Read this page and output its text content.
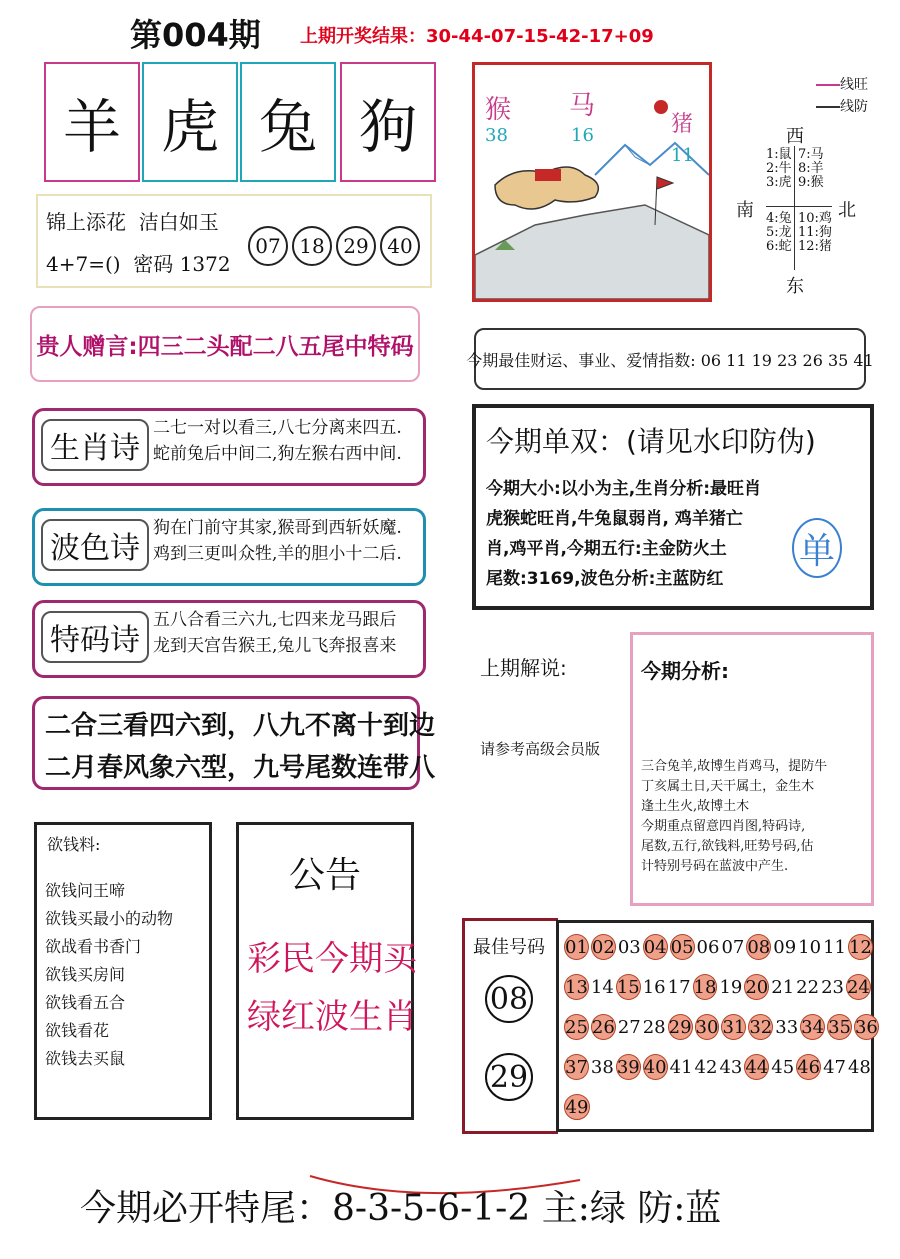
第004期 上期开奖结果：30-44-07-15-42-17+09
羊 虎 兔 狗
锦上添花  洁白如玉
4+7=()  密码 1372
07 18 29 40
贵人赠言:四三二头配二八五尾中特码
生肖诗
二七一对以看三,八七分离来四五.
蛇前兔后中间二,狗左猴右西中间.
波色诗
狗在门前守其家,猴哥到西斩妖魔.
鸡到三更叫众牲,羊的胆小十二后.
特码诗
五八合看三六九,七四来龙马跟后
龙到天宫告猴王,兔儿飞奔报喜来
二合三看四六到，八九不离十到边
二月春风象六型，九号尾数连带八
欲钱料:
欲钱问王啼
欲钱买最小的动物
欲战看书香门
欲钱买房间
欲钱看五合
欲钱看花
欲钱去买鼠
公告
彩民今期买
绿红波生肖
猴
38
马
16	猪
11
线旺
线防
西
南	北
东
1:鼠
2:牛
3:虎
7:马
8:羊
9:猴
4:兔
5:龙
6:蛇
10:鸡
11:狗
12:猪
今期最佳财运、事业、爱情指数: 06 11 19 23 26 35 41
今期单双：(请见水印防伪)
单
今期大小:以小为主,生肖分析:最旺肖
虎猴蛇旺肖,牛兔鼠弱肖, 鸡羊猪亡
肖,鸡平肖,今期五行:主金防火土
尾数:3169,波色分析:主蓝防红
上期解说:
请参考高级会员版
今期分析:
三合兔羊,故博生肖鸡马，提防牛
丁亥属土日,天干属土，金生木
逢土生火,故博土木
今期重点留意四肖图,特码诗,
尾数,五行,欲钱料,旺势号码,估
计特别号码在蓝波中产生.
最佳号码
08
29
01 02 03 04 05 06 07 08 09 10 11 12
13 14 15 16 17 18 19 20 21 22 23 24
25 26 27 28 29 30 31 32 33 34 35 36
37 38 39 40 41 42 43 44 45 46 47 48
49
今期必开特尾：8-3-5-6-1-2 主:绿 防:蓝
